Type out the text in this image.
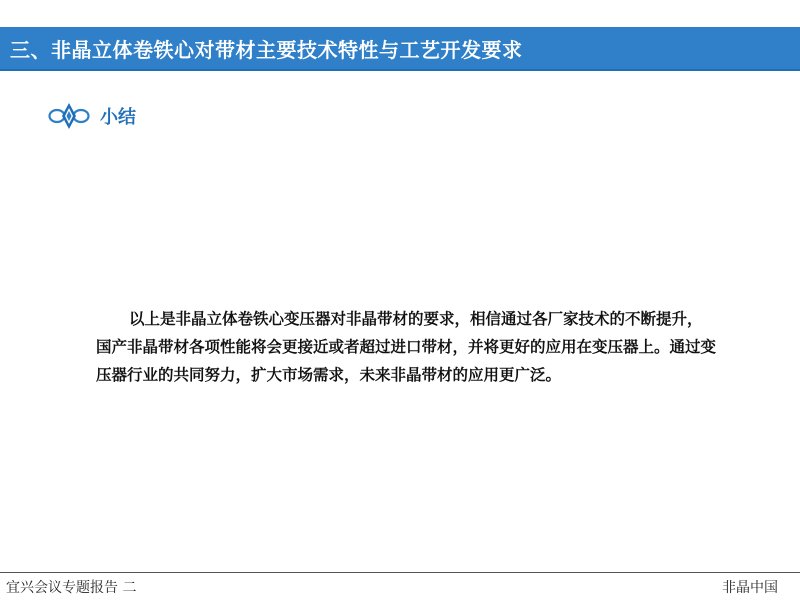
三、非晶立体卷铁心对带材主要技术特性与工艺开发要求
小结
以上是非晶立体卷铁心变压器对非晶带材的要求，相信通过各厂家技术的不断提升，国产非晶带材各项性能将会更接近或者超过进口带材，并将更好的应用在变压器上。通过变压器行业的共同努力，扩大市场需求，未来非晶带材的应用更广泛。
宜兴会议专题报告 二	非晶中国
